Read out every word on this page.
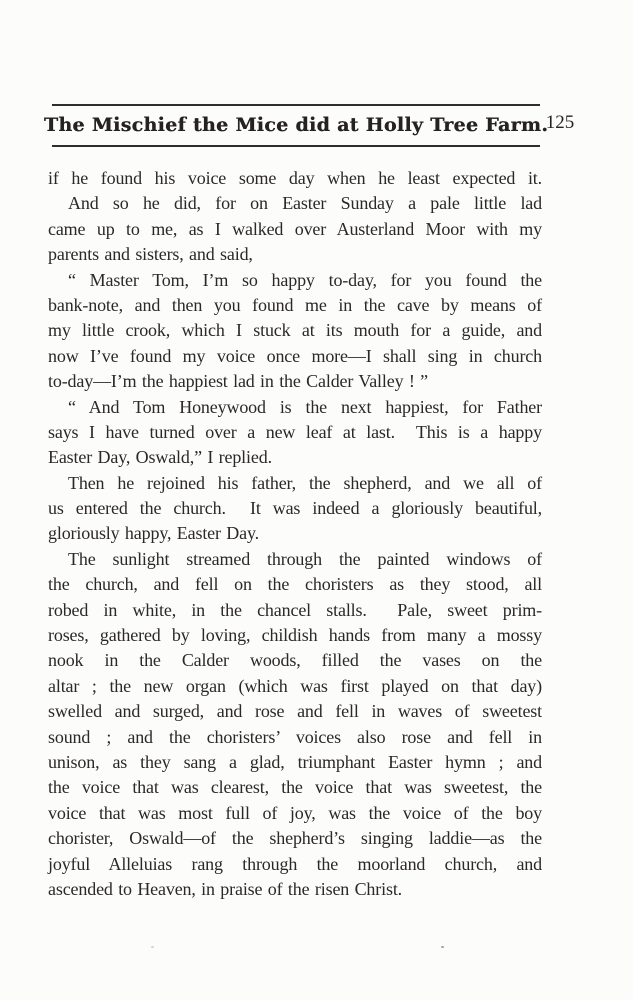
The Mischief the Mice did at Holly Tree Farm.
125
if he found his voice some day when he least expected it.
And so he did, for on Easter Sunday a pale little lad
came up to me, as I walked over Austerland Moor with my
parents and sisters, and said,
“ Master Tom, I’m so happy to-day, for you found the
bank-note, and then you found me in the cave by means of
my little crook, which I stuck at its mouth for a guide, and
now I’ve found my voice once more—I shall sing in church
to-day—I’m the happiest lad in the Calder Valley ! ”
“ And Tom Honeywood is the next happiest, for Father
says I have turned over a new leaf at last.  This is a happy
Easter Day, Oswald,” I replied.
Then he rejoined his father, the shepherd, and we all of
us entered the church.  It was indeed a gloriously beautiful,
gloriously happy, Easter Day.
The sunlight streamed through the painted windows of
the church, and fell on the choristers as they stood, all
robed in white, in the chancel stalls.  Pale, sweet prim-
roses, gathered by loving, childish hands from many a mossy
nook in the Calder woods, filled the vases on the
altar ; the new organ (which was first played on that day)
swelled and surged, and rose and fell in waves of sweetest
sound ; and the choristers’ voices also rose and fell in
unison, as they sang a glad, triumphant Easter hymn ; and
the voice that was clearest, the voice that was sweetest, the
voice that was most full of joy, was the voice of the boy
chorister, Oswald—of the shepherd’s singing laddie—as the
joyful Alleluias rang through the moorland church, and
ascended to Heaven, in praise of the risen Christ.
